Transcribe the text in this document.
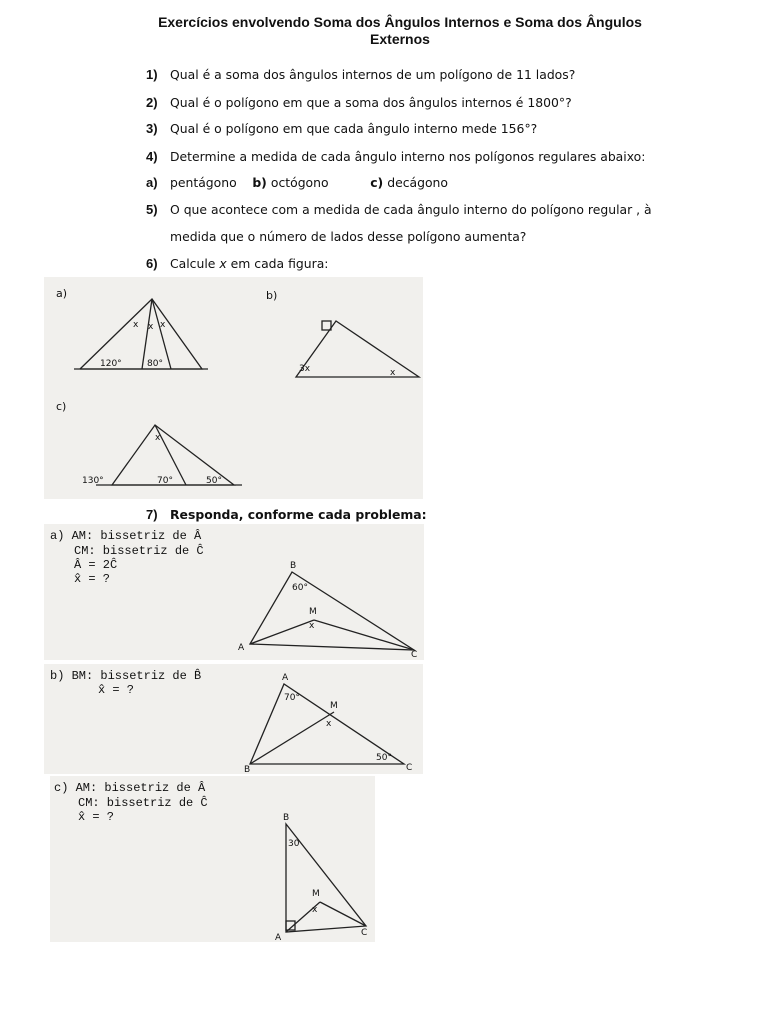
Exercícios envolvendo Soma dos Ângulos Internos e Soma dos Ângulos Externos
1) Qual é a soma dos ângulos internos de um polígono de 11 lados?
2) Qual é o polígono em que a soma dos ângulos internos é 1800°?
3) Qual é o polígono em que cada ângulo interno mede 156°?
4) Determine a medida de cada ângulo interno nos polígonos regulares abaixo:
a) pentágono b) octógono	c) decágono
5) O que acontece com a medida de cada ângulo interno do polígono regular , à
medida que o número de lados desse polígono aumenta?
6) Calcule x em cada figura:
a)
120°	80°
x x x
b)
3x	x
c)
130°	70°	50°
x
7) Responda, conforme cada problema:
a) AM: bissetriz de Â
CM: bissetriz de Ĉ
Â = 2Ĉ
x̂ = ?
B
A
C
M
60°
x
b) BM: bissetriz de B̂
x̂ = ?
A
B	C
M
70°
50°
x
c) AM: bissetriz de Â
CM: bissetriz de Ĉ
x̂ = ?	B
A	C
M
30
x
